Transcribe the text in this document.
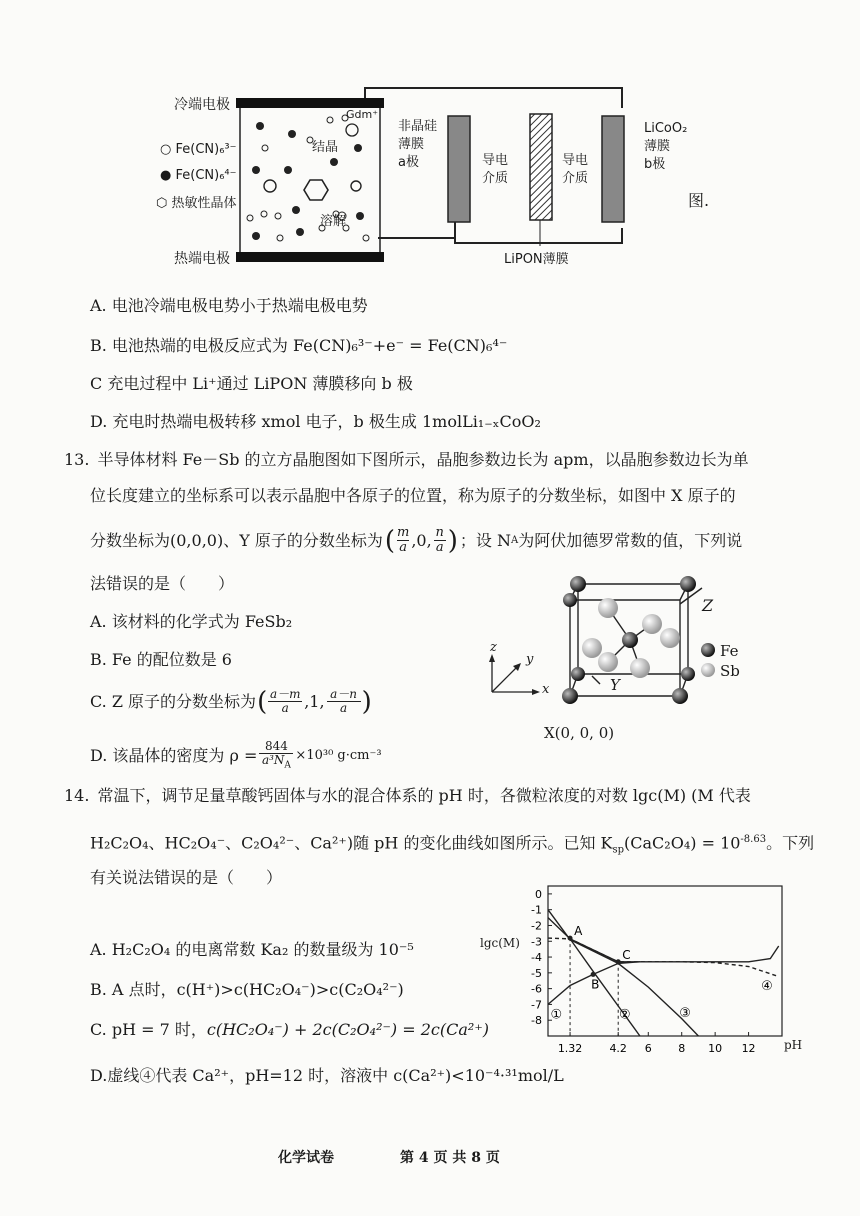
冷端电极
热端电极
○ Fe(CN)₆³⁻
● Fe(CN)₆⁴⁻
⬡ 热敏性晶体
结晶
溶解
Gdm⁺
非晶硅
薄膜
a极	导电
介质
导电
介质
LiCoO₂
薄膜
b极
LiPON薄膜
图.
A. 电池冷端电极电势小于热端电极电势
B. 电池热端的电极反应式为 Fe(CN)₆³⁻+e⁻ = Fe(CN)₆⁴⁻
C 充电过程中 Li⁺通过 LiPON 薄膜移向 b 极
D. 充电时热端电极转移 xmol 电子，b 极生成 1molLi₁₋ₓCoO₂
13. 半导体材料 Fe－Sb 的立方晶胞图如下图所示，晶胞参数边长为 apm，以晶胞参数边长为单
位长度建立的坐标系可以表示晶胞中各原子的位置，称为原子的分数坐标，如图中 X 原子的
分数坐标为(0,0,0)、Y 原子的分数坐标为 ( m
a ,0, n
a ) ；设 N A 为阿伏加德罗常数的值，下列说
法错误的是（　　）
A. 该材料的化学式为 FeSb₂
B. Fe 的配位数是 6
C. Z 原子的分数坐标为 ( a－m
a ,1, a－n
a )
D. 该晶体的密度为 ρ =
844
$a^3N_A$
×10³⁰ g·cm⁻³
Z
Y
X(0, 0, 0)
z
y
x
Fe
Sb
14. 常温下，调节足量草酸钙固体与水的混合体系的 pH 时，各微粒浓度的对数 lgc(M) (M 代表
H₂C₂O₄、HC₂O₄⁻、C₂O₄²⁻、Ca²⁺)随 pH 的变化曲线如图所示。已知 $K_{sp}(CaC_2O_4) = 10^{-8.63}$。下列
有关说法错误的是（　　）
A. H₂C₂O₄ 的电离常数 Ka₂ 的数量级为 10⁻⁵
B. A 点时，c(H⁺)>c(HC₂O₄⁻)>c(C₂O₄²⁻)
C. pH = 7 时，c(HC₂O₄⁻) + 2c(C₂O₄²⁻) = 2c(Ca²⁺)
D.虚线④代表 Ca²⁺，pH=12 时，溶液中 c(Ca²⁺)<10⁻⁴·³¹mol/L
0
-1
-2
-3
-4
-5
-6
-7
-8
1.32 4.2 6 8 10 12
①	②	③
④
A
B
C
lgc(M)
pH
化学试卷	第 4 页 共 8 页
